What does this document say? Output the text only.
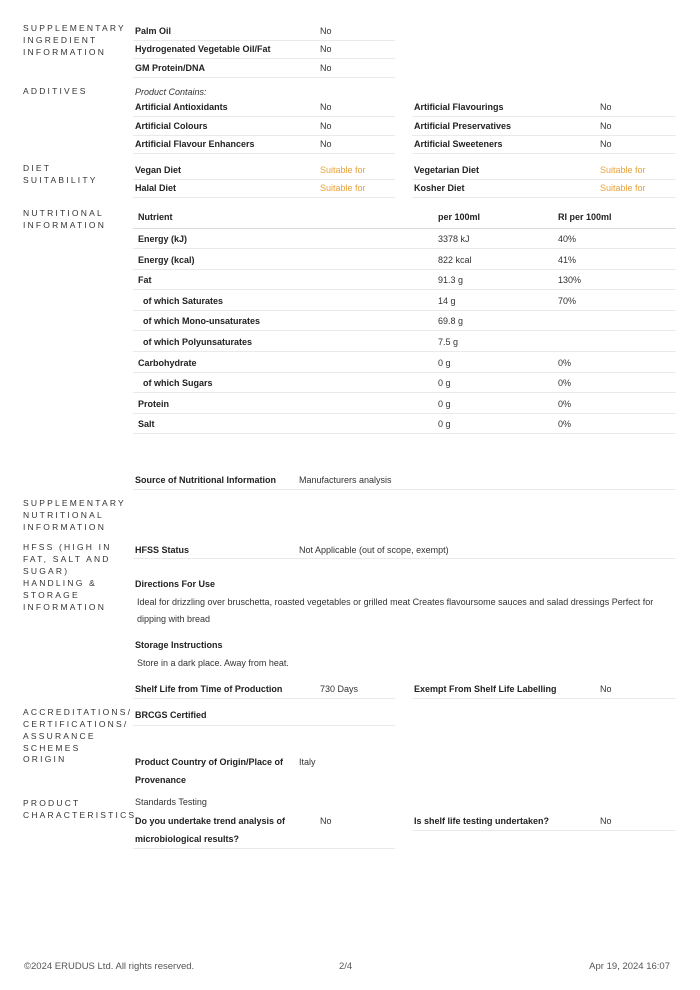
SUPPLEMENTARY INGREDIENT INFORMATION
ADDITIVES
DIET SUITABILITY
NUTRITIONAL INFORMATION
SUPPLEMENTARY NUTRITIONAL INFORMATION
HFSS (HIGH IN FAT, SALT AND SUGAR)
HANDLING & STORAGE INFORMATION
ACCREDITATIONS/ CERTIFICATIONS/ ASSURANCE SCHEMES
ORIGIN
PRODUCT CHARACTERISTICS
Palm Oil	No
Hydrogenated Vegetable Oil/Fat	No
GM Protein/DNA	No
Product Contains:
Artificial Antioxidants	No	Artificial Flavourings	No
Artificial Colours	No	Artificial Preservatives	No
Artificial Flavour Enhancers	No	Artificial Sweeteners	No
Vegan Diet	Suitable for	Vegetarian Diet	Suitable for
Halal Diet	Suitable for	Kosher Diet	Suitable for
Nutrient	per 100ml	RI per 100ml
Energy (kJ)	3378 kJ	40%
Energy (kcal)	822 kcal	41%
Fat	91.3 g	130%
of which Saturates	14 g	70%
of which Mono-unsaturates	69.8 g
of which Polyunsaturates	7.5 g
Carbohydrate	0 g	0%
of which Sugars	0 g	0%
Protein	0 g	0%
Salt	0 g	0%
Source of Nutritional Information	Manufacturers analysis
HFSS Status	Not Applicable (out of scope, exempt)
Directions For Use
Ideal for drizzling over bruschetta, roasted vegetables or grilled meat Creates flavoursome sauces and salad dressings Perfect for dipping with bread
Storage Instructions
Store in a dark place. Away from heat.
Shelf Life from Time of Production	730 Days	Exempt From Shelf Life Labelling	No
BRCGS Certified
Product Country of Origin/Place of
Provenance
Italy
Standards Testing
Do you undertake trend analysis of
microbiological results?
No	Is shelf life testing undertaken?	No
©2024 ERUDUS Ltd. All rights reserved.	2/4	Apr 19, 2024 16:07
